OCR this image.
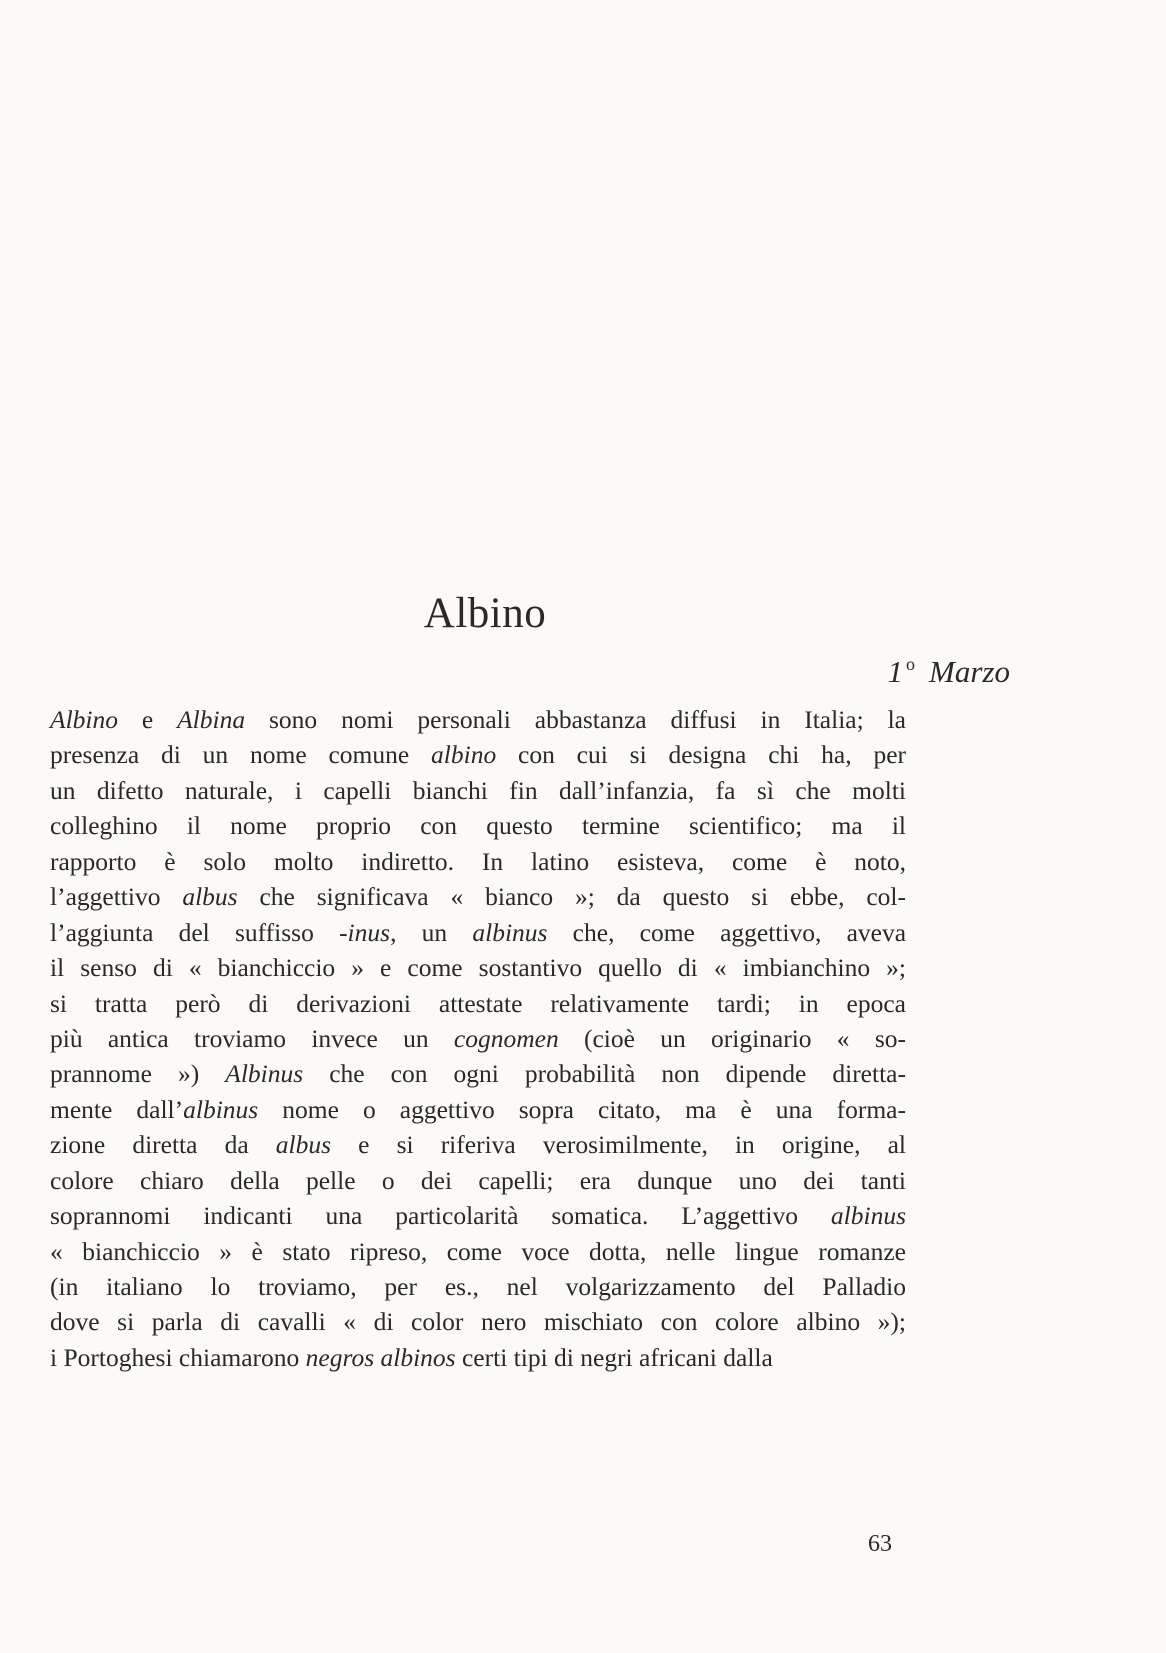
Albino
1 $^o$ Marzo
Albino e Albina sono nomi personali abbastanza diffusi in Italia; la
presenza di un nome comune albino con cui si designa chi ha, per
un difetto naturale, i capelli bianchi fin dall’infanzia, fa sì che molti
colleghino il nome proprio con questo termine scientifico; ma il
rapporto è solo molto indiretto. In latino esisteva, come è noto,
l’aggettivo albus che significava « bianco »; da questo si ebbe, col-
l’aggiunta del suffisso -inus, un albinus che, come aggettivo, aveva
il senso di « bianchiccio » e come sostantivo quello di « imbianchino »;
si tratta però di derivazioni attestate relativamente tardi; in epoca
più antica troviamo invece un cognomen (cioè un originario « so-
prannome ») Albinus che con ogni probabilità non dipende diretta-
mente dall’albinus nome o aggettivo sopra citato, ma è una forma-
zione diretta da albus e si riferiva verosimilmente, in origine, al
colore chiaro della pelle o dei capelli; era dunque uno dei tanti
soprannomi indicanti una particolarità somatica. L’aggettivo albinus
« bianchiccio » è stato ripreso, come voce dotta, nelle lingue romanze
(in italiano lo troviamo, per es., nel volgarizzamento del Palladio
dove si parla di cavalli « di color nero mischiato con colore albino »);
i Portoghesi chiamarono negros albinos certi tipi di negri africani dalla
63
